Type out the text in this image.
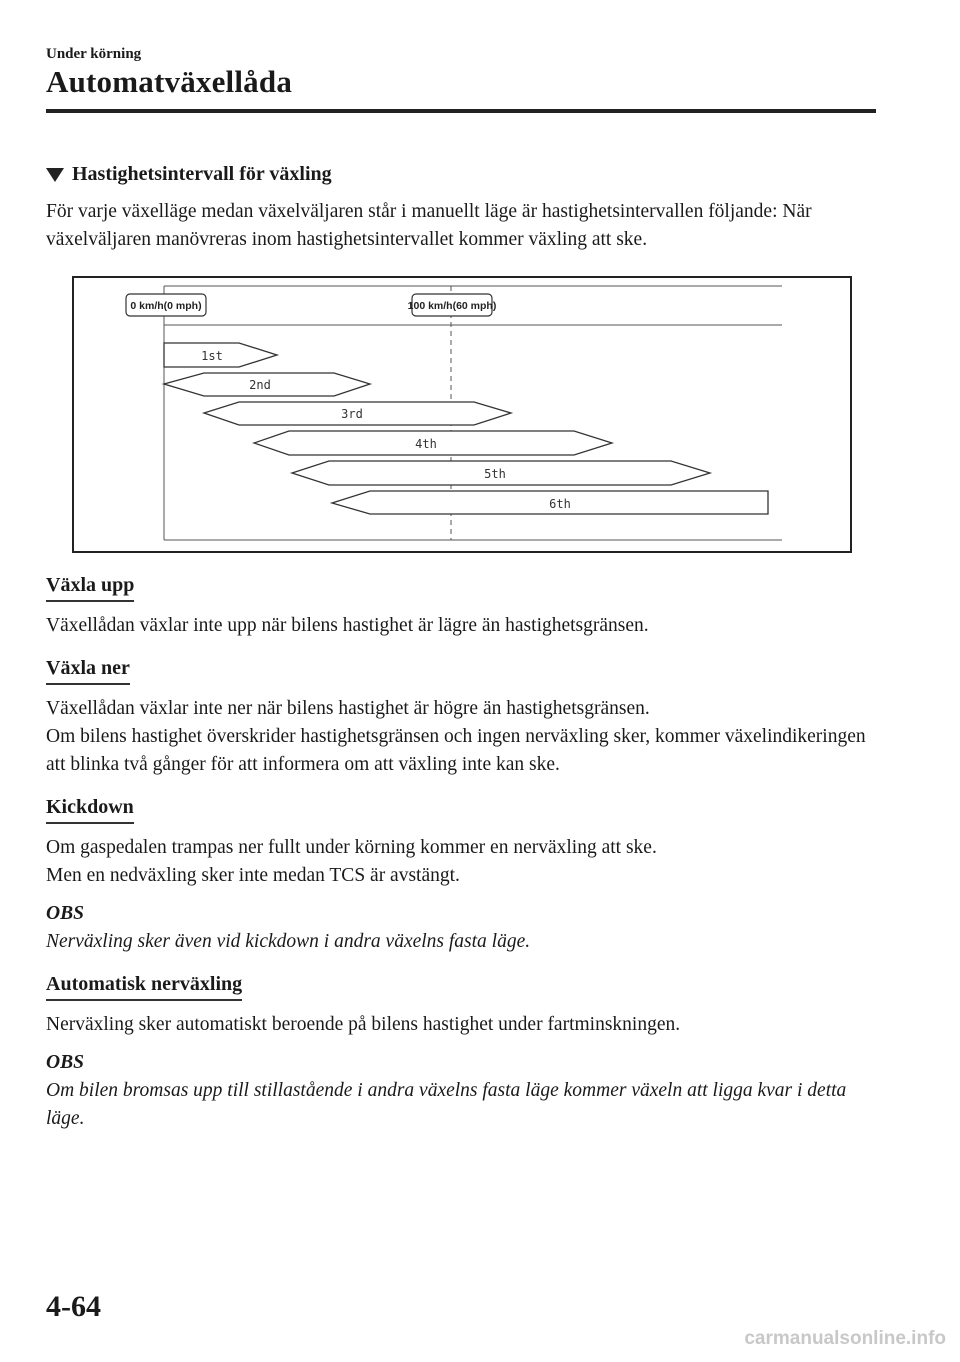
Under körning
Automatväxellåda
Hastighetsintervall för växling

För varje växelläge medan växelväljaren står i manuellt läge är hastighetsintervallen följande: När växelväljaren manövreras inom hastighetsintervallet kommer växling att ske.

0 km/h(0 mph)	100 km/h(60 mph)
1st
2nd
3rd
4th
5th
6th
Växla upp

Växellådan växlar inte upp när bilens hastighet är lägre än hastighetsgränsen.

Växla ner

Växellådan växlar inte ner när bilens hastighet är högre än hastighetsgränsen.

Om bilens hastighet överskrider hastighetsgränsen och ingen nerväxling sker, kommer växelindikeringen att blinka två gånger för att informera om att växling inte kan ske.

Kickdown

Om gaspedalen trampas ner fullt under körning kommer en nerväxling att ske.

Men en nedväxling sker inte medan TCS är avstängt.

OBS

Nerväxling sker även vid kickdown i andra växelns fasta läge.

Automatisk nerväxling

Nerväxling sker automatiskt beroende på bilens hastighet under fartminskningen.

OBS

Om bilen bromsas upp till stillastående i andra växelns fasta läge kommer växeln att ligga kvar i detta läge.

4-64
carmanualsonline.info
